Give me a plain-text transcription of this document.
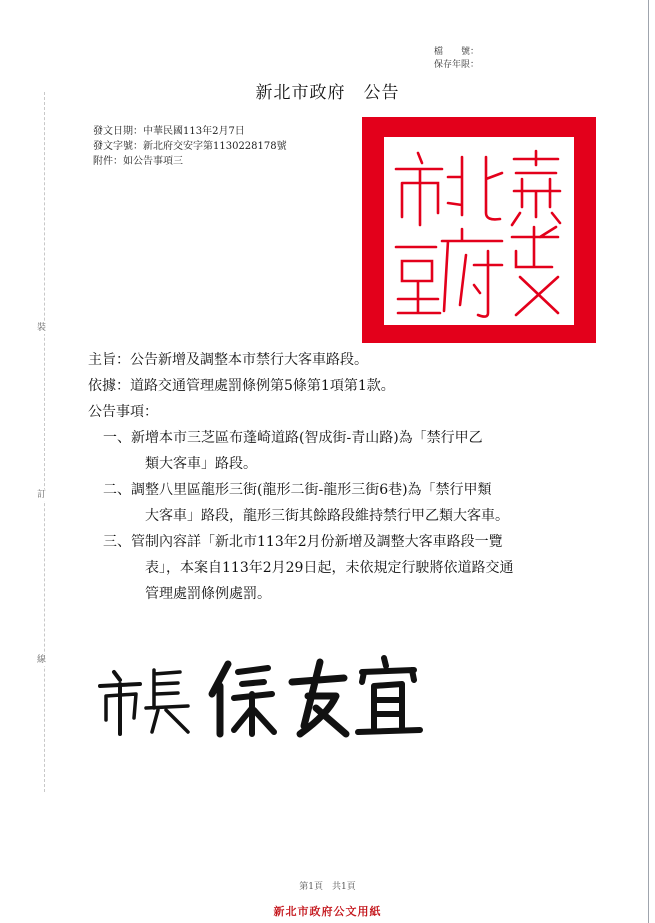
裝
訂
線
檔　　號：
保存年限：
新北市政府　公告
發文日期：中華民國113年2月7日
發文字號：新北府交安字第1130228178號
附件：如公告事項三
主旨：公告新增及調整本市禁行大客車路段。
依據：道路交通管理處罰條例第5條第1項第1款。
公告事項：
一、新增本市三芝區布蓬崎道路(智成街-青山路)為「禁行甲乙
類大客車」路段。
二、調整八里區龍形三街(龍形二街-龍形三街6巷)為「禁行甲類
大客車」路段，龍形三街其餘路段維持禁行甲乙類大客車。
三、管制內容詳「新北市113年2月份新增及調整大客車路段一覽
表」，本案自113年2月29日起，未依規定行駛將依道路交通
管理處罰條例處罰。
第1頁　共1頁
新北市政府公文用紙
